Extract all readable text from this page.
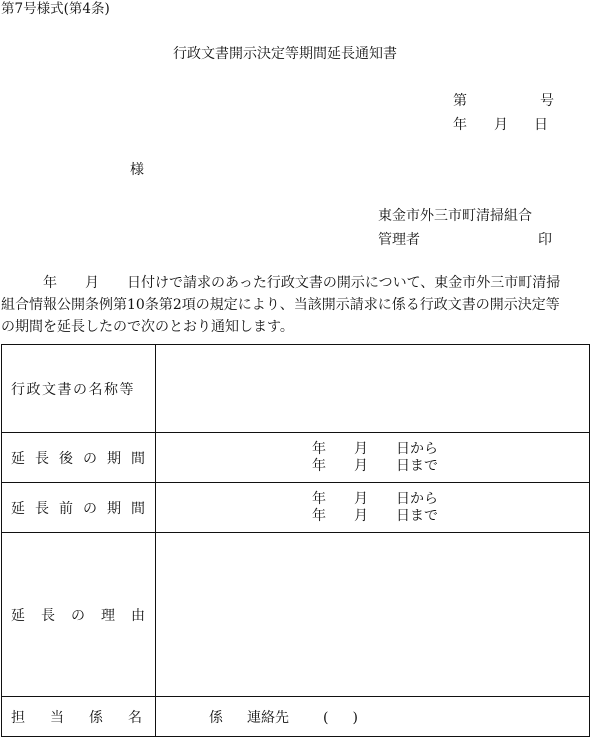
第7号様式(第4条)
行政文書開示決定等期間延長通知書
第	号
年 月 日
様
東金市外三市町清掃組合
管理者	印
年　　月　　日付けで請求のあった行政文書の開示について、東金市外三市町清掃
組合情報公開条例第10条第2項の規定により、当該開示請求に係る行政文書の開示決定等
の期間を延長したので次のとおり通知します。
行政文書の名称等	
延長後の期間	年　　月　　日から
年　　月　　日まで

延長前の期間	年　　月　　日から
年　　月　　日まで

延長の理由	
担当係名	係 連絡先 ( )
